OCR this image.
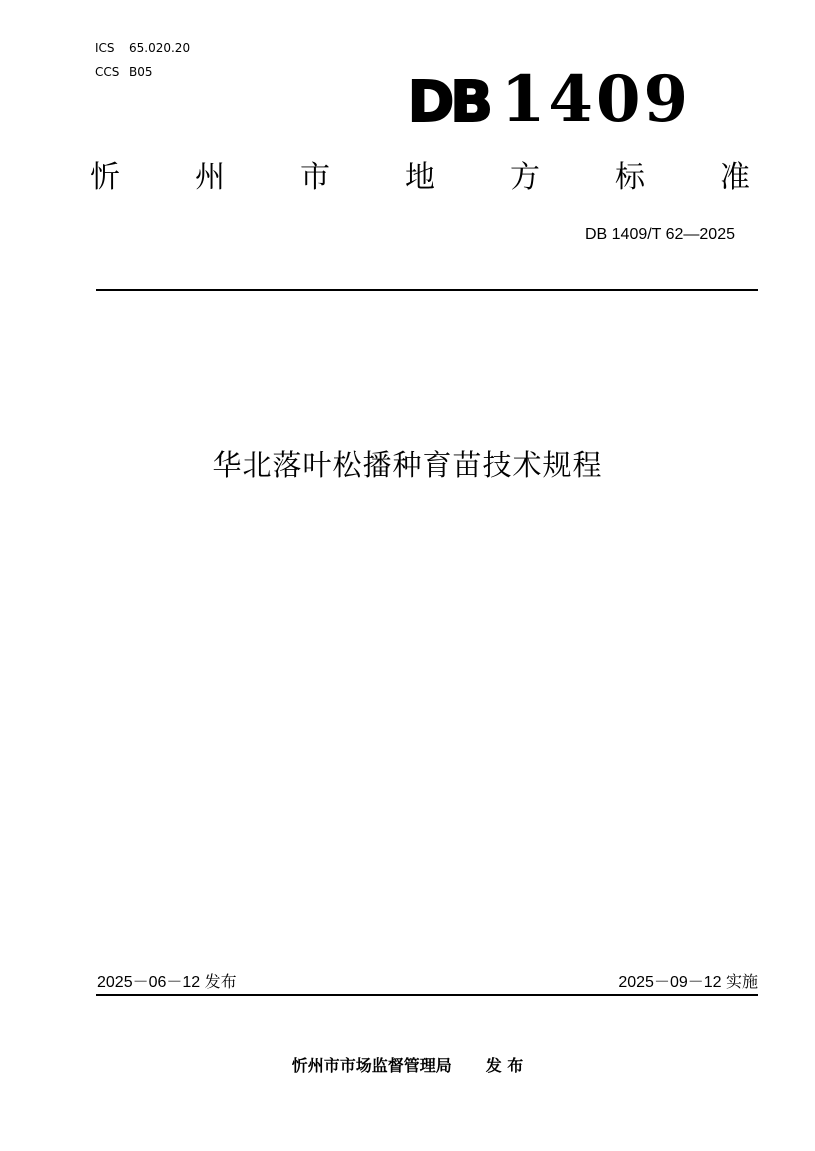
ICS 65.020.20
CCS B05	DB 1409
忻	州	市	地	方	标	准
DB 1409/T 62—2025
华北落叶松播种育苗技术规程
2025－06－12 发布	2025－09－12 实施
忻州市市场监督管理局 发 布
